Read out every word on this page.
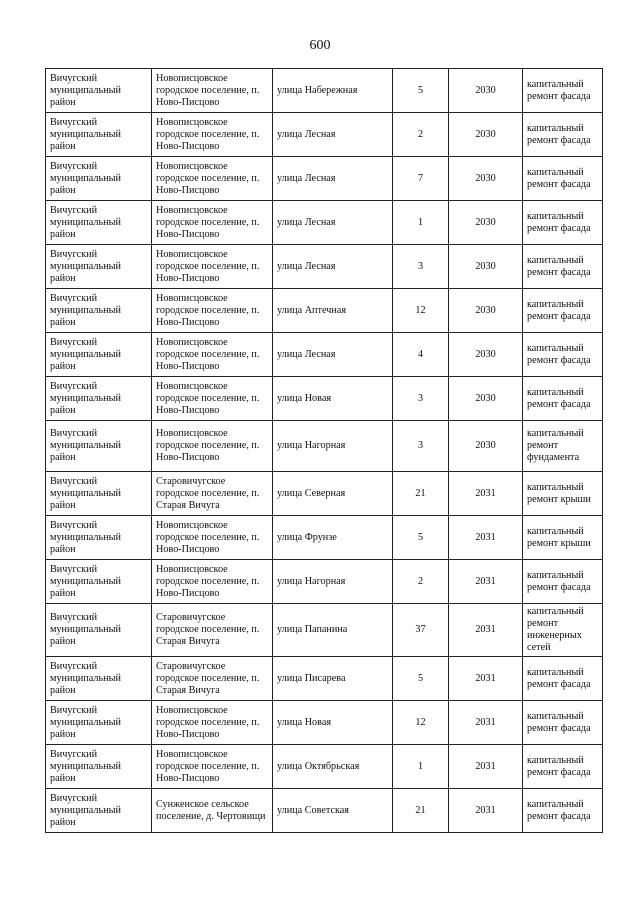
600
Вичугский муниципальный район	Новописцовское городское поселение, п. Ново-Писцово	улица Набережная	5	2030	капитальный ремонт фасада
Вичугский муниципальный район	Новописцовское городское поселение, п. Ново-Писцово	улица Лесная	2	2030	капитальный ремонт фасада
Вичугский муниципальный район	Новописцовское городское поселение, п. Ново-Писцово	улица Лесная	7	2030	капитальный ремонт фасада
Вичугский муниципальный район	Новописцовское городское поселение, п. Ново-Писцово	улица Лесная	1	2030	капитальный ремонт фасада
Вичугский муниципальный район	Новописцовское городское поселение, п. Ново-Писцово	улица Лесная	3	2030	капитальный ремонт фасада
Вичугский муниципальный район	Новописцовское городское поселение, п. Ново-Писцово	улица Аптечная	12	2030	капитальный ремонт фасада
Вичугский муниципальный район	Новописцовское городское поселение, п. Ново-Писцово	улица Лесная	4	2030	капитальный ремонт фасада
Вичугский муниципальный район	Новописцовское городское поселение, п. Ново-Писцово	улица Новая	3	2030	капитальный ремонт фасада
Вичугский муниципальный район	Новописцовское городское поселение, п. Ново-Писцово	улица Нагорная	3	2030	капитальный ремонт фундамента
Вичугский муниципальный район	Старовичугское городское поселение, п. Старая Вичуга	улица Северная	21	2031	капитальный ремонт крыши
Вичугский муниципальный район	Новописцовское городское поселение, п. Ново-Писцово	улица Фрунзе	5	2031	капитальный ремонт крыши
Вичугский муниципальный район	Новописцовское городское поселение, п. Ново-Писцово	улица Нагорная	2	2031	капитальный ремонт фасада
Вичугский муниципальный район	Старовичугское городское поселение, п. Старая Вичуга	улица Папанина	37	2031	капитальный ремонт инженерных сетей
Вичугский муниципальный район	Старовичугское городское поселение, п. Старая Вичуга	улица Писарева	5	2031	капитальный ремонт фасада
Вичугский муниципальный район	Новописцовское городское поселение, п. Ново-Писцово	улица Новая	12	2031	капитальный ремонт фасада
Вичугский муниципальный район	Новописцовское городское поселение, п. Ново-Писцово	улица Октябрьская	1	2031	капитальный ремонт фасада
Вичугский муниципальный район	Сунженское сельское поселение, д. Чертовищи	улица Советская	21	2031	капитальный ремонт фасада
